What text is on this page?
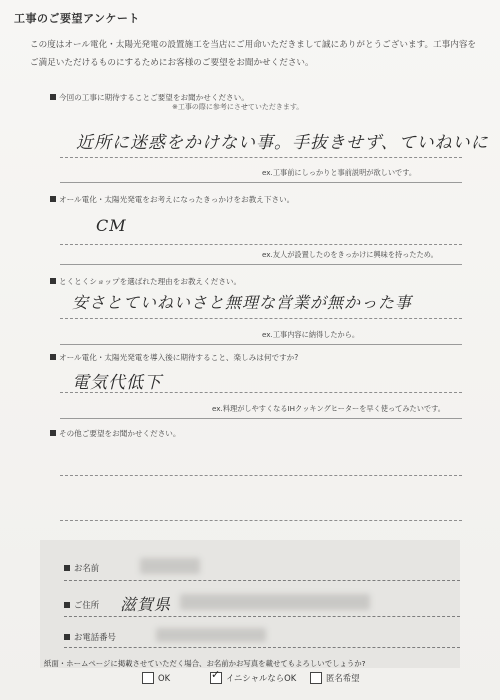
工事のご要望アンケート
この度はオール電化・太陽光発電の設置施工を当店にご用命いただきまして誠にありがとうございます。工事内容をご満足いただけるものにするためにお客様のご要望をお聞かせください。
今回の工事に期待することご要望をお聞かせください。
※工事の際に参考にさせていただきます。
近所に迷惑をかけない事。手抜きせず、ていねいに
ex.工事前にしっかりと事前説明が欲しいです。
オール電化・太陽光発電をお考えになったきっかけをお教え下さい。
CM
ex.友人が設置したのをきっかけに興味を持ったため。
とくとくショップを選ばれた理由をお教えください。
安さとていねいさと無理な営業が無かった事
ex.工事内容に納得したから。
オール電化・太陽光発電を導入後に期待すること、楽しみは何ですか?
電気代低下
ex.料理がしやすくなるIHクッキングヒーターを早く使ってみたいです。
その他ご要望をお聞かせください。
お名前
ご住所 滋賀県
お電話番号
紙面・ホームページに掲載させていただく場合、お名前かお写真を載せてもよろしいでしょうか?
OK	✓ イニシャルならOK	匿名希望
